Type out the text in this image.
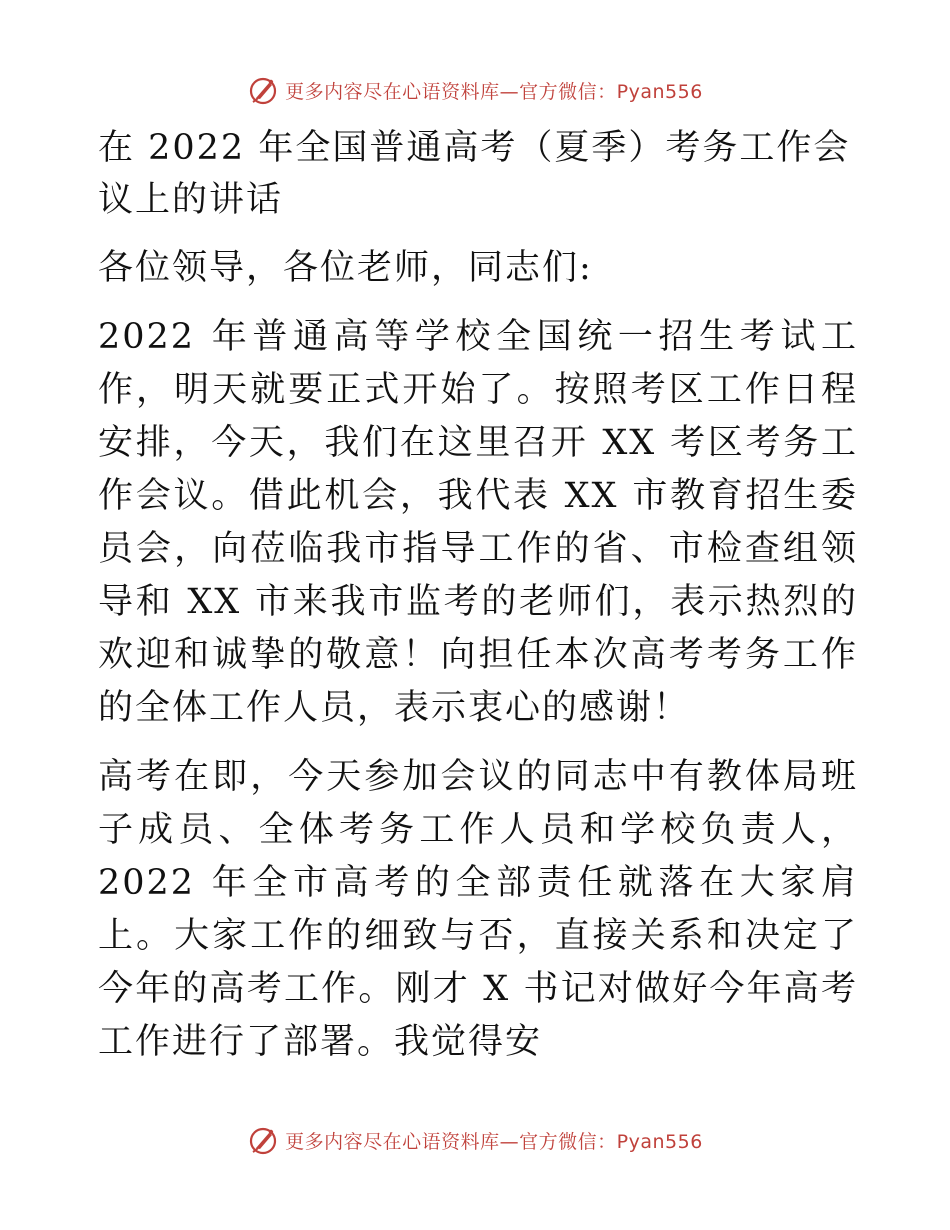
更多内容尽在心语资料库—官方微信：Pyan556
在 2022 年全国普通高考（夏季）考务工作会议上的讲话

各位领导，各位老师，同志们:

2022 年普通高等学校全国统一招生考试工作，明天就要正式开始了。按照考区工作日程安排，今天，我们在这里召开 XX 考区考务工作会议。借此机会，我代表 XX 市教育招生委员会，向莅临我市指导工作的省、市检查组领导和 XX 市来我市监考的老师们，表示热烈的欢迎和诚挚的敬意！向担任本次高考考务工作的全体工作人员，表示衷心的感谢！

高考在即，今天参加会议的同志中有教体局班子成员、全体考务工作人员和学校负责人，2022 年全市高考的全部责任就落在大家肩上。大家工作的细致与否，直接关系和决定了今年的高考工作。刚才 X 书记对做好今年高考工作进行了部署。我觉得安

更多内容尽在心语资料库—官方微信：Pyan556
